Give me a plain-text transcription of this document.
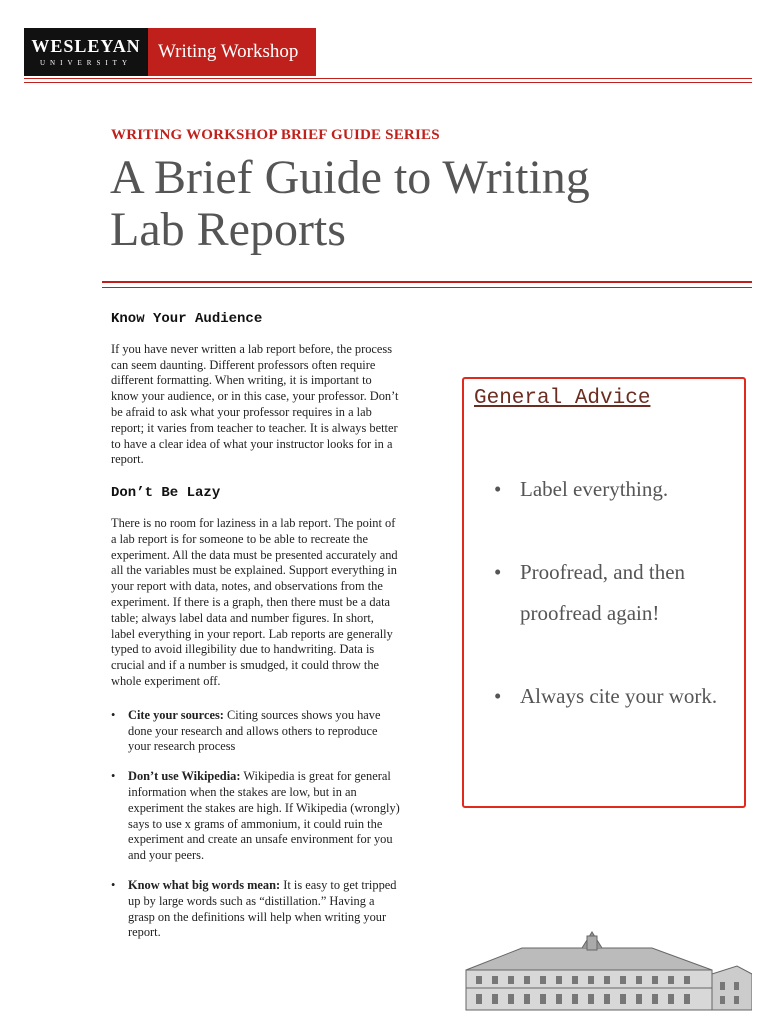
WESLEYAN
UNIVERSITY
Writing Workshop
WRITING WORKSHOP BRIEF GUIDE SERIES
A Brief Guide to Writing
Lab Reports
Know Your Audience

If you have never written a lab report before, the process can seem daunting. Different professors often require different formatting. When writing, it is important to know your audience, or in this case, your professor. Don’t be afraid to ask what your professor requires in a lab report; it varies from teacher to teacher. It is always better to have a clear idea of what your instructor looks for in a report.

Don’t Be Lazy

There is no room for laziness in a lab report. The point of a lab report is for someone to be able to recreate the experiment. All the data must be presented accurately and all the variables must be explained. Support everything in your report with data, notes, and observations from the experiment. If there is a graph, then there must be a data table; always label data and number figures. In short, label everything in your report. Lab reports are generally typed to avoid illegibility due to handwriting. Data is crucial and if a number is smudged, it could throw the whole experiment off.

• Cite your sources: Citing sources shows you have done your research and allows others to reproduce your research process
• Don’t use Wikipedia: Wikipedia is great for general information when the stakes are low, but in an experiment the stakes are high. If Wikipedia (wrongly) says to use x grams of ammonium, it could ruin the experiment and create an unsafe environment for you and your peers.
• Know what big words mean: It is easy to get tripped up by large words such as “distillation.” Having a grasp on the definitions will help when writing your report.
General Advice
• Label everything.
• Proofread, and then proofread again!
• Always cite your work.
